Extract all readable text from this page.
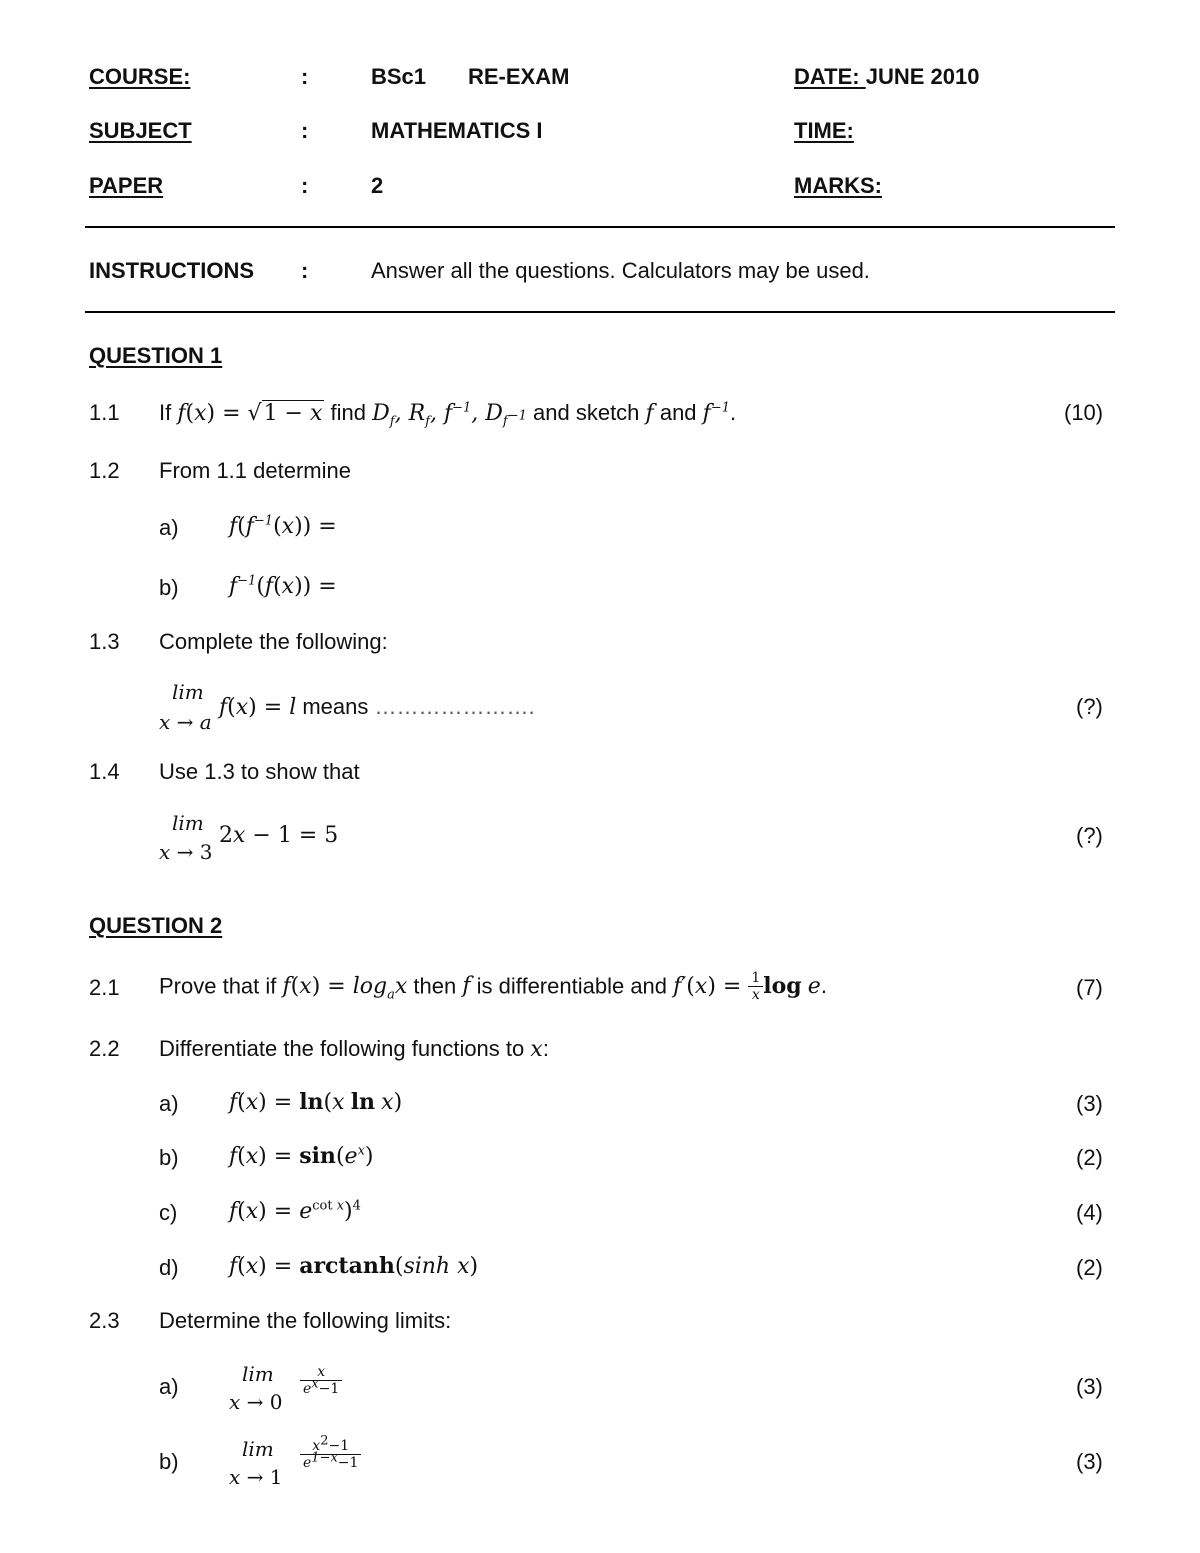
COURSE:	:	BSc1 RE-EXAM	DATE: JUNE 2010
SUBJECT	:	MATHEMATICS I	TIME:
PAPER	:	2	MARKS:
INSTRUCTIONS :	Answer all the questions. Calculators may be used.
QUESTION 1
1.1 If f(x) = √1 − x find $D_f$, $R_f$, $f^{-1}$, $D_{f^{-1}}$ and sketch f and $f^{-1}$.	(10)
1.2 From 1.1 determine
a) $f(f^{-1}(x))$ =
b) $f^{-1}(f(x))$ =
1.3 Complete the following:
lim
x → a
f(x) = l means ………………….	(?)
1.4 Use 1.3 to show that
lim
x → 3
2x − 1 = 5	(?)
QUESTION 2
2.1 Prove that if $f(x) = \log_ax$ then f is differentiable and $f'(x) = \frac{1}{x}$ log e.	(7)
2.2 Differentiate the following functions to x:
a) f(x) = ln(x ln x)	(3)
b) $f(x) = \sin(e^x)$	(2)
c) $f(x) = e^{cot x})^4$	(4)
d) f(x) = arctanh(sinh x)	(2)
2.3 Determine the following limits:
a)	lim
x → 0
$\frac{x}{e^x-1}$	(3)
b)	lim
x → 1
$\frac{x^2-1}{e^{1-x}-1}$	(3)
